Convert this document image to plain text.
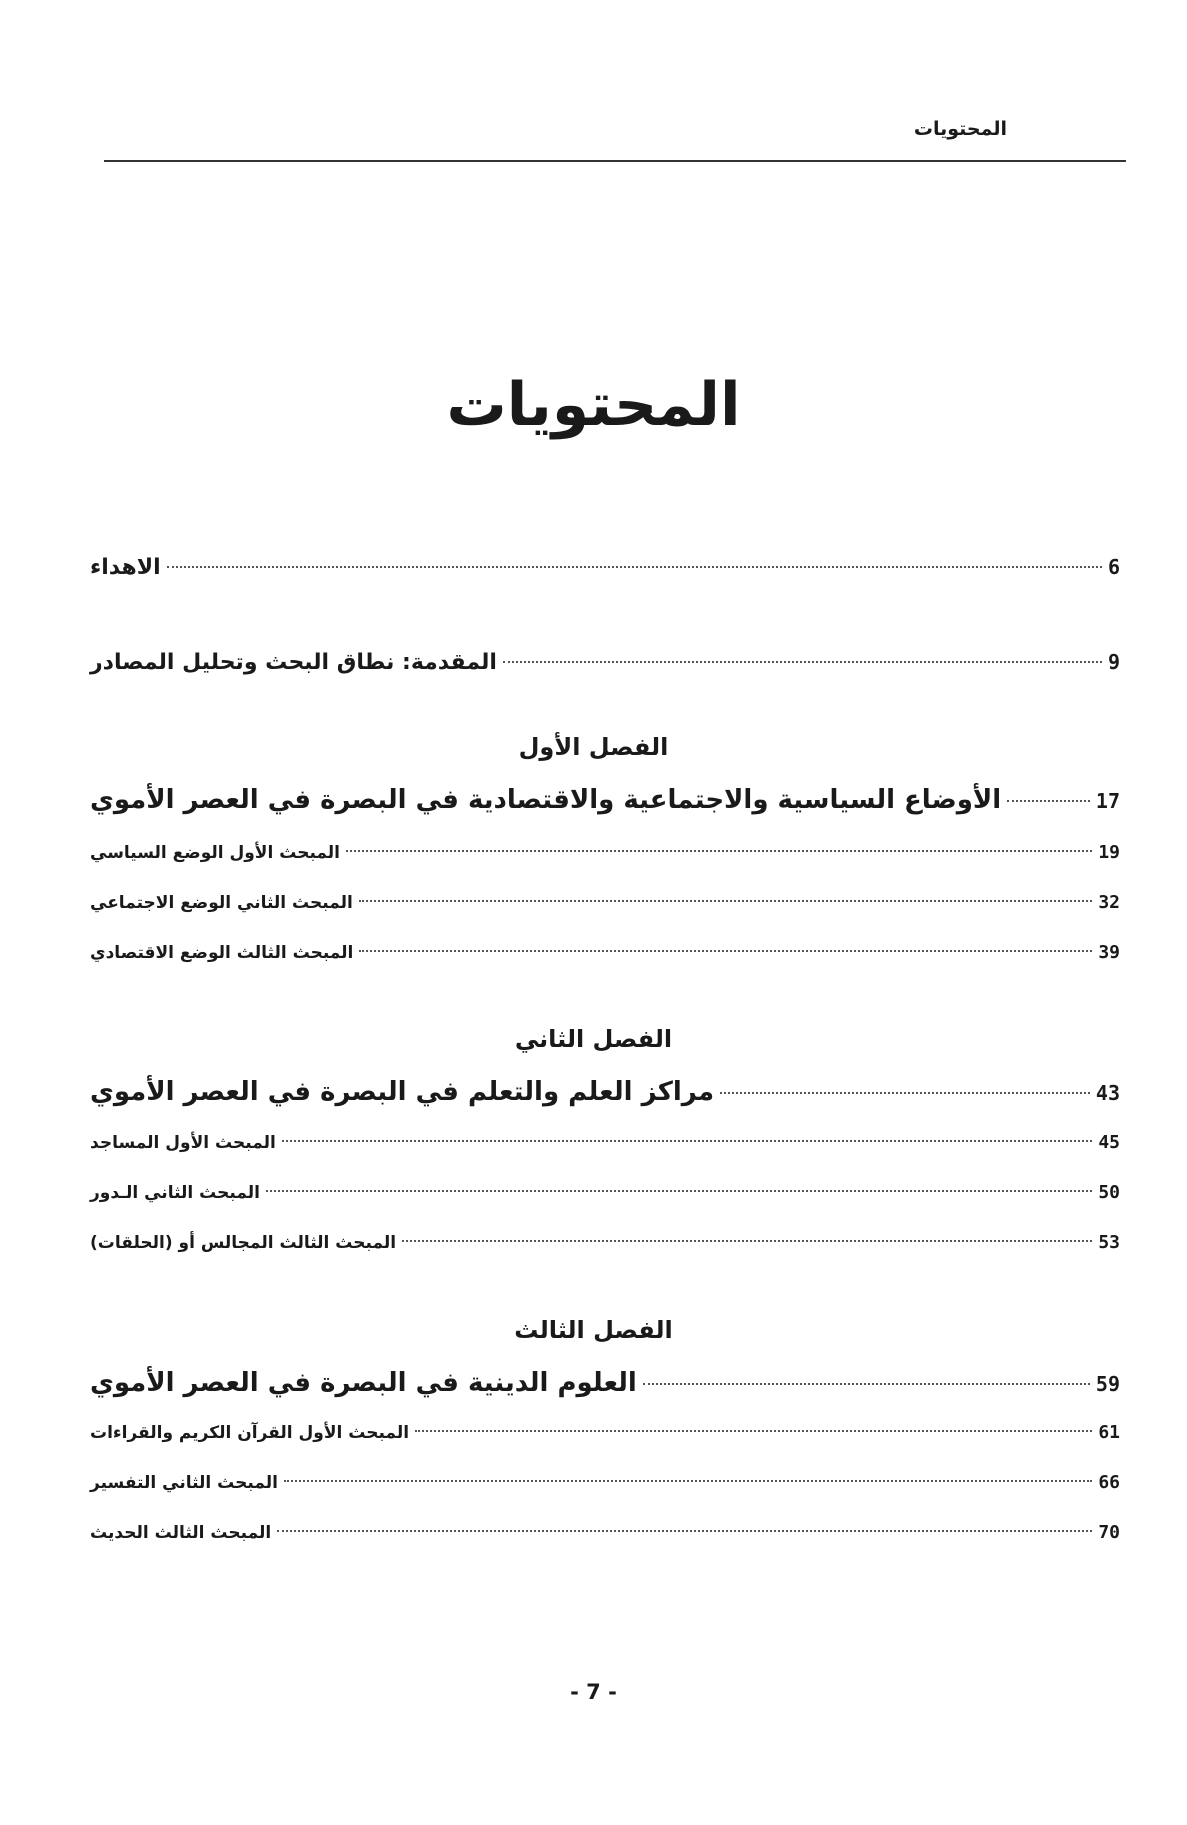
المحتويات
المحتويات
الاهداء	6
المقدمة: نطاق البحث وتحليل المصادر	9
الفصل الأول
الأوضاع السياسية والاجتماعية والاقتصادية في البصرة في العصر الأموي	17
المبحث الأول الوضع السياسي	19
المبحث الثاني الوضع الاجتماعي	32
المبحث الثالث الوضع الاقتصادي	39
الفصل الثاني
مراكز العلم والتعلم في البصرة في العصر الأموي	43
المبحث الأول المساجد	45
المبحث الثاني الـدور	50
المبحث الثالث المجالس أو (الحلقات)	53
الفصل الثالث
العلوم الدينية في البصرة في العصر الأموي	59
المبحث الأول القرآن الكريم والقراءات	61
المبحث الثاني التفسير	66
المبحث الثالث الحديث	70
- 7 -
